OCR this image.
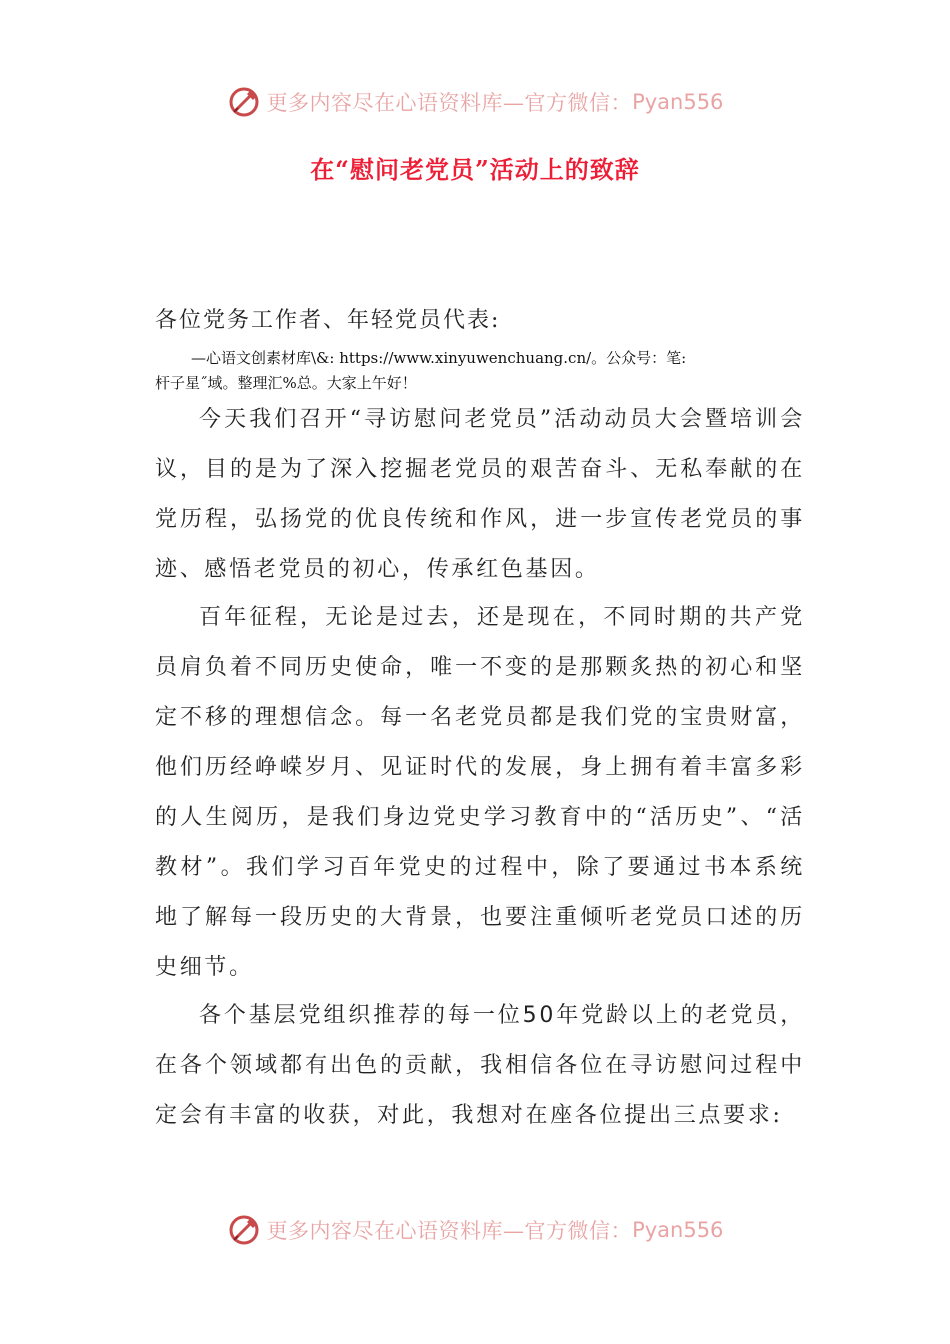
更多内容尽在心语资料库—官方微信： Pyan556
在“慰问老党员”活动上的致辞
各位党务工作者、年轻党员代表:
—心语文创素材库\&: https://www.xinyuwenchuang.cn/。公众号：笔:
杆子星˝域。整理汇%总。大家上午好！

今天我们召开“寻访慰问老党员”活动动员大会暨培训会议，目的是为了深入挖掘老党员的艰苦奋斗、无私奉献的在党历程，弘扬党的优良传统和作风，进一步宣传老党员的事迹、感悟老党员的初心，传承红色基因。

百年征程，无论是过去，还是现在，不同时期的共产党员肩负着不同历史使命，唯一不变的是那颗炙热的初心和坚定不移的理想信念。每一名老党员都是我们党的宝贵财富，他们历经峥嵘岁月、见证时代的发展，身上拥有着丰富多彩的人生阅历，是我们身边党史学习教育中的“活历史”、“活教材”。我们学习百年党史的过程中，除了要通过书本系统地了解每一段历史的大背景，也要注重倾听老党员口述的历史细节。

各个基层党组织推荐的每一位50年党龄以上的老党员，在各个领域都有出色的贡献，我相信各位在寻访慰问过程中定会有丰富的收获，对此，我想对在座各位提出三点要求:

更多内容尽在心语资料库—官方微信： Pyan556
